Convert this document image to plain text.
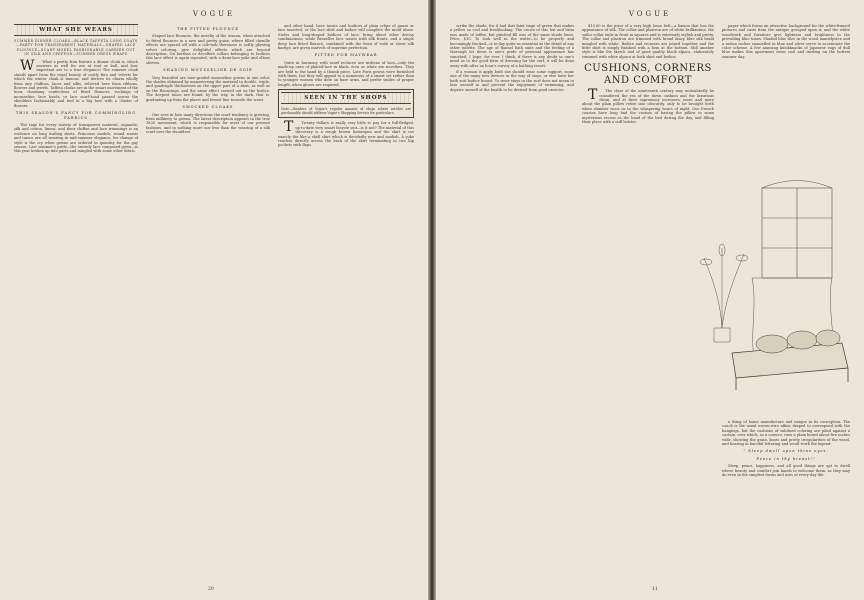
VOGUE
WHAT SHE WEARS
SUMMER DINNER CLOAKS—BLACK TAFFETA LONG COATS—PARTY FOR TRANSPARENT MATERIALS—SHAPED LACE FLOUNCE—SCARF MODEL FASHIONABLE CARRIED OUT IN SILK AND CHIFFON—SUMMER DRESS WRAPS

W What a pretty frou feature a dinner cloak is, which answers as well for use at rout or ball, and how important are to a true elegance! The summer cloak stands apart from the regal beauty of costly furs and velvets for which the winter cloak is famous, and derives its charm wholly from airy chiffons, laces and silks, relieved here from ribbons, flowers and jewels. Taffeta cloaks are in the smart movement of the hour, charming confections of fitted flounces, ruchings of mousseline, lace hoods, or lace scarf-hood passed across the shoulders fashionably and tied in a big bow with a cluster of flowers.

THIS SEASON'S FANCY FOR COMMINGLING FABRICS

The rage for every variety of transparent material, organdie, silk and cotton, linens, and their chiffon and lace trimmings is an evidence on long trailing skirts. Princesse models, round waists and tunics are all wearing in mid-summer elegance, for change of style is the cry when gowns are ordered in quantity for the gay season. Last summer's pride—the entirely lace composed gown—is this year broken up into parts and mingled with some other fabric.

THE FITTED FLOUNCE

Shaped lace flounces, the novelty of the season, when attached to fitted flounces in a new and pretty guise, where filled chenille effects are spaced off with a cob-web thereness is softly glowing velvet coloring, give delightful effects which are beyond description. On berthas or décolleté collars belonging to bodices this lace effect is again repeated, with a demi-lace yoke and elbow sleeves.

SHADING MOUSSELINE DE SOIE

Very beautiful are tone-graded mousseline gowns in one color, the shades obtained by manoeuvring the material in double, triple, and quadruple thicknesses on the upper part of a skirt, as well as on the flouncings, and the same effect carried out on the bodice. The deepest tones are found, by the way, in the dark, that is, graduating up from the plaest and lowest line towards the waist.

SMOCKED CLOAKS

One sees in how many directions the scarf tendency is growing, from millinery to gowns. The latest description appears in the true 1830 movement, which is responsible for most of our present fashions, and in nothing more nor less than the wearing of a silk scarf over the shoulders.

and other hand, have tunics and bodices of plain crêpe of gauze or lace inserted, or the lace skirt and bodice will complete the motif alone. Stoles and long-shaped bodices of lace, bring about other dressy combinations, while Bruxelles lace waists with silk fronts, and a single deep lace fitted flounce, combined with the front of voile or sheer silk barège, are given marvels of supreme perfection.

FITTED FOR MAYWEAR

Quite in harmony with scarf reclaces are mittens of lace—only the made-up ones of plaited-lace in black, écru or white are novelties. They are held to the hand by a thumb piece. Late Paris gowns were furnished with them, but they will appeal to a numerous of a smart set rather than to younger women who dote on bare arms, and prefer smiles of proper length, when gloves are required.

SEEN IN THE SHOPS
Note.—Readers of Vogue's regular manner of shops where articles are purchasable should address Vogue's Shopping Service for particulars.

T Twenty dollars is really very little to pay for a full-fledged, up-to-date very smart bicycle suit—is it not? The material of this discovery is a rough brown homespun and the skirt is cut exactly the like a shell skirt which is decidedly new and modish. A yoke reaches directly across the back of the skirt terminating in two hip pockets with flaps.

20
VOGUE

scribe the shade, for it had that faint tinge of green that makes a yellow so cool and freshlooking. The crown of this hat and brim was made of toffee, but pinched fill was of the same shade linen. Price, $10. To look well in the water—to be properly and becomingly frocked—is to-day quite as essential as the detail of any other toilette. The age of flannel bath suits and the feeling of a thorough let down is one's pride of personal appearance has vanished, I hope, for ever. I think, if there is any doubt in one's mind as to the good form of dressing for the surf, it will be done away with after an hour's survey of a bathing resort.

If a woman is apply built she should wear some support, some one of the many new devices in the way of stays, or else have her bath suit bodice boned. To wear stays in the surf does not mean to lose oneself in and prevent the enjoyment of swimming, and deprive oneself of the health to be derived from good exercise.

$10.00 is the price of a very high loose belt—a liaison that has the appearance of silk. The collar and plastron are of white brilliantine, the sailor collar ends in front in squares and is extremely stylish and pretty. The collar and plastron are trimmed with broad fancy blue silk braid mingled with white. Bodice and trousers are joined together and the little skirt is simply finished with a hem at the bottom. Still another style is like the sketch and of good quality black alpaca, elaborately trimmed with white alpaca at both skirt and bodice.

CUSHIONS, CORNERS AND COMFORT

T The close of the nineteenth century may undoubtedly be considered the era of the down cushion and the luxurious divan, and at their supremacy increases, more and more about the plain pillow retire into obscurity, only to be brought forth when slumber woos us in the whispering hours of night. Our French cousins have long had the custom of having the pillow in some mysterious recess as the head of the bed during the day, and filling their place with a stiff bolster.

paper which forms an attractive background for the white-framed pictures and casts from the antique grouped upon it, and the white woodwork and furniture give lightness and brightness to the prevailing blue tones. Shaded blue tiles in the wood mantelpiece and a rattan rocker enamelled in blue and silver serve to accentuate the color scheme. A few amusing knickknacks of Japanese rugs of dull blue makes this apartment seem cool and inviting on the hottest summer day.

a thing of home manufacture and unique in its conception. The couch is the usual woven-wire affair, draped to correspond with the hangings, but the cushions of subdued coloring are piled against a curtain, over which, as a cornice, runs a plain board about five inches wide, showing the grain, knots and pretty irregularities of the wood, and bearing in fanciful lettering and scroll-work the legend:

" Sleep dwell upon thine eyes,
Peace in thy breast!"

Sleep, peace, happiness, and all good things are apt to dwell where beauty and comfort join hands to welcome them, as they may do even in the simplest forms and uses of every-day life.

11
